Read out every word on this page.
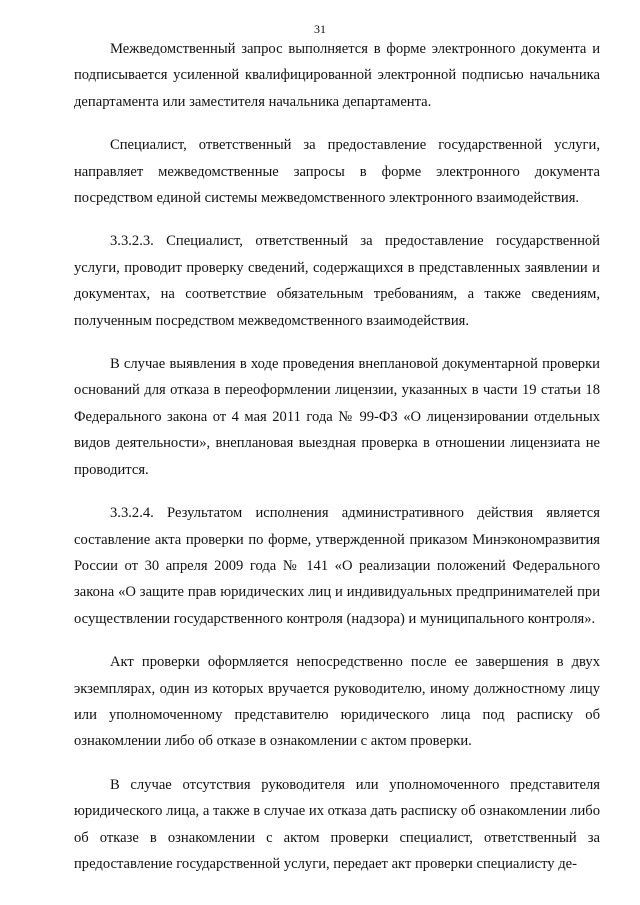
31

Межведомственный запрос выполняется в форме электронного документа и подписывается усиленной квалифицированной электронной подписью начальника департамента или заместителя начальника департамента.

Специалист, ответственный за предоставление государственной услуги, направляет межведомственные запросы в форме электронного документа посредством единой системы межведомственного электронного взаимодействия.

3.3.2.3. Специалист, ответственный за предоставление государственной услуги, проводит проверку сведений, содержащихся в представленных заявлении и документах, на соответствие обязательным требованиям, а также сведениям, полученным посредством межведомственного взаимодействия.

В случае выявления в ходе проведения внеплановой документарной проверки оснований для отказа в переоформлении лицензии, указанных в части 19 статьи 18 Федерального закона от 4 мая 2011 года № 99-ФЗ «О лицензировании отдельных видов деятельности», внеплановая выездная проверка в отношении лицензиата не проводится.

3.3.2.4. Результатом исполнения административного действия является составление акта проверки по форме, утвержденной приказом Минэкономразвития России от 30 апреля 2009 года № 141 «О реализации положений Федерального закона «О защите прав юридических лиц и индивидуальных предпринимателей при осуществлении государственного контроля (надзора) и муниципального контроля».

Акт проверки оформляется непосредственно после ее завершения в двух экземплярах, один из которых вручается руководителю, иному должностному лицу или уполномоченному представителю юридического лица под расписку об ознакомлении либо об отказе в ознакомлении с актом проверки.

В случае отсутствия руководителя или уполномоченного представителя юридического лица, а также в случае их отказа дать расписку об ознакомлении либо об отказе в ознакомлении с актом проверки специалист, ответственный за предоставление государственной услуги, передает акт проверки специалисту де-
